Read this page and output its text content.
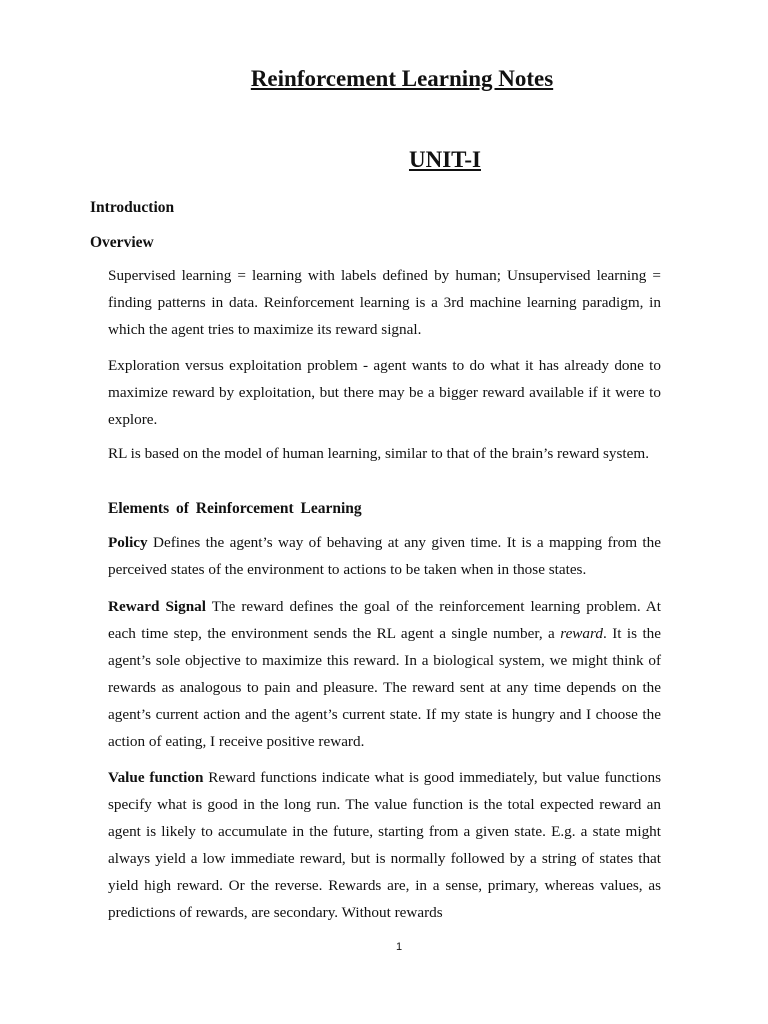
Reinforcement Learning Notes
UNIT-I
Introduction
Overview

Supervised learning = learning with labels defined by human; Unsupervised learning = finding patterns in data. Reinforcement learning is a 3rd machine learning paradigm, in which the agent tries to maximize its reward signal.

Exploration versus exploitation problem - agent wants to do what it has already done to maximize reward by exploitation, but there may be a bigger reward available if it were to explore.

RL is based on the model of human learning, similar to that of the brain’s reward system.

Elements of Reinforcement Learning

Policy Defines the agent’s way of behaving at any given time. It is a mapping from the perceived states of the environment to actions to be taken when in those states.

Reward Signal The reward defines the goal of the reinforcement learning problem. At each time step, the environment sends the RL agent a single number, a reward. It is the agent’s sole objective to maximize this reward. In a biological system, we might think of rewards as analogous to pain and pleasure. The reward sent at any time depends on the agent’s current action and the agent’s current state. If my state is hungry and I choose the action of eating, I receive positive reward.

Value function Reward functions indicate what is good immediately, but value functions specify what is good in the long run. The value function is the total expected reward an agent is likely to accumulate in the future, starting from a given state. E.g. a state might always yield a low immediate reward, but is normally followed by a string of states that yield high reward. Or the reverse. Rewards are, in a sense, primary, whereas values, as predictions of rewards, are secondary. Without rewards

1
